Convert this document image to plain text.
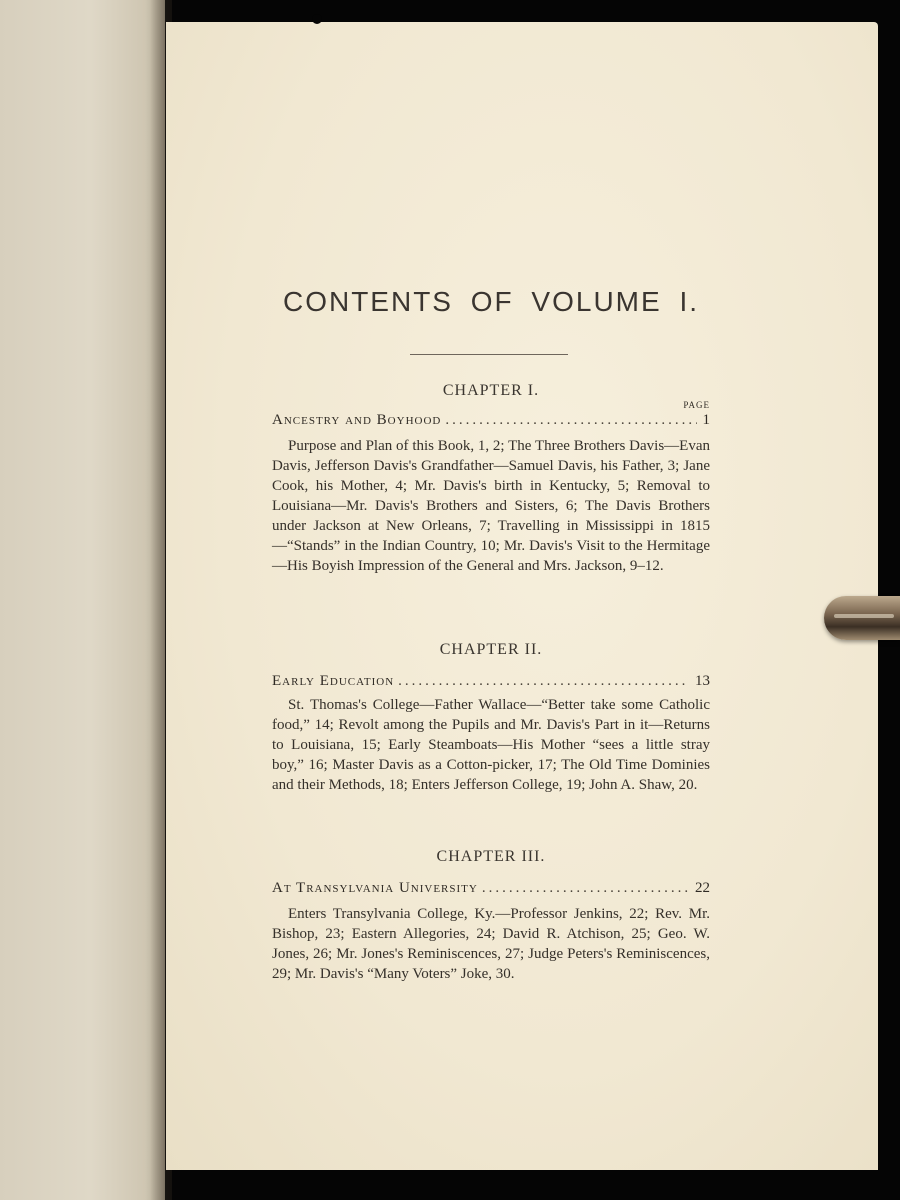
CONTENTS OF VOLUME I.
CHAPTER I.
PAGE
Ancestry and Boyhood .....	1

Purpose and Plan of this Book, 1, 2; The Three Brothers Davis—Evan Davis, Jefferson Davis's Grandfather—Samuel Davis, his Father, 3; Jane Cook, his Mother, 4; Mr. Davis's birth in Kentucky, 5; Removal to Louisiana—Mr. Davis's Brothers and Sisters, 6; The Davis Brothers under Jackson at New Orleans, 7; Travelling in Mississippi in 1815—“Stands” in the Indian Country, 10; Mr. Davis's Visit to the Hermitage—His Boyish Impression of the General and Mrs. Jackson, 9–12.

CHAPTER II.
Early Education .....	13

St. Thomas's College—Father Wallace—“Better take some Catholic food,” 14; Revolt among the Pupils and Mr. Davis's Part in it—Returns to Louisiana, 15; Early Steamboats—His Mother “sees a little stray boy,” 16; Master Davis as a Cotton-picker, 17; The Old Time Dominies and their Methods, 18; Enters Jefferson College, 19; John A. Shaw, 20.

CHAPTER III.
At Transylvania University .....	22

Enters Transylvania College, Ky.—Professor Jenkins, 22; Rev. Mr. Bishop, 23; Eastern Allegories, 24; David R. Atchison, 25; Geo. W. Jones, 26; Mr. Jones's Reminiscences, 27; Judge Peters's Reminiscences, 29; Mr. Davis's “Many Voters” Joke, 30.
